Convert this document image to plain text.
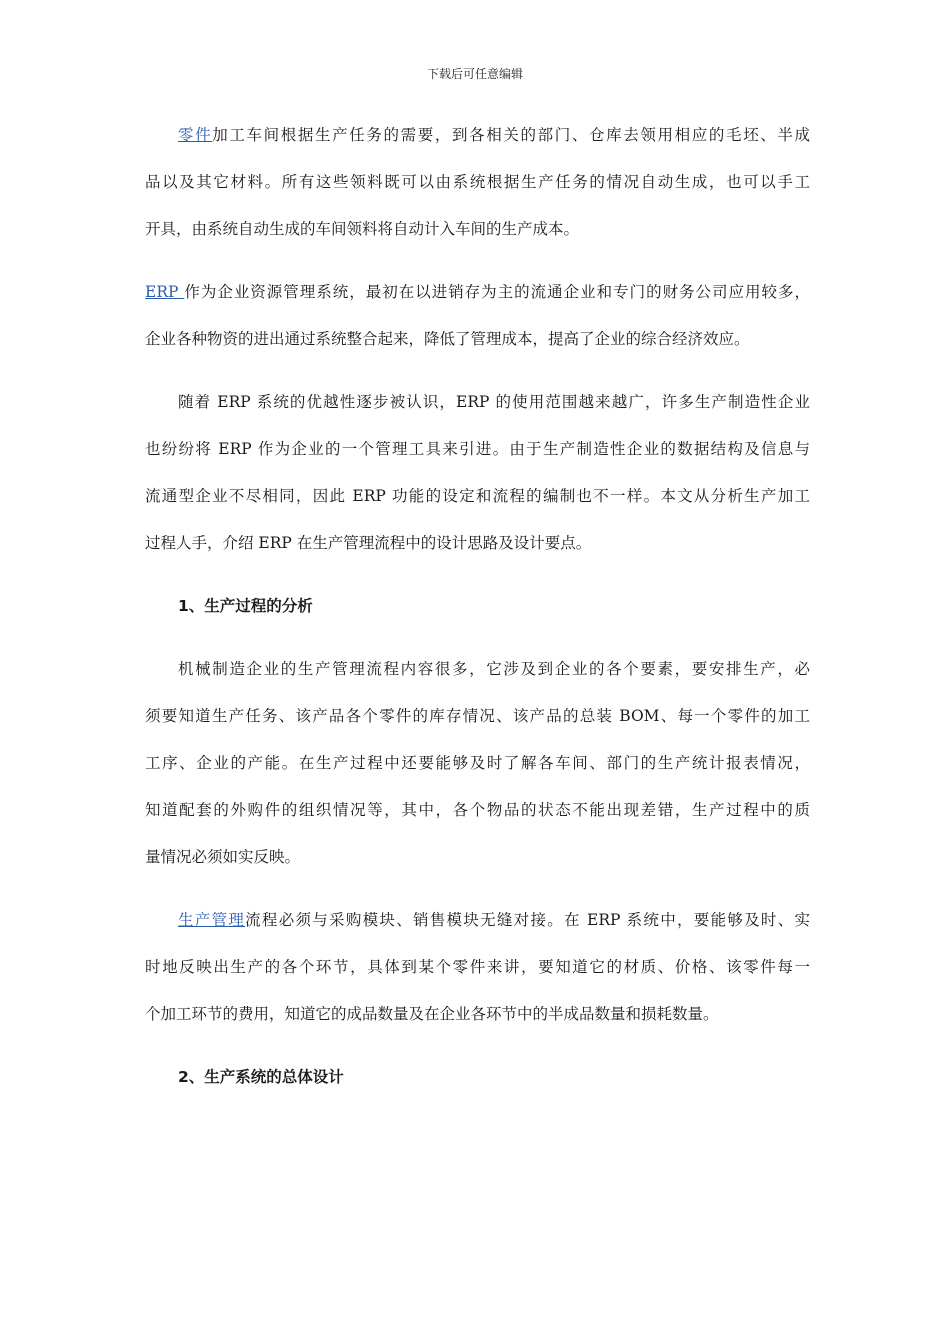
下载后可任意编辑
零件加工车间根据生产任务的需要，到各相关的部门、仓库去领用相应的毛坯、半成
品以及其它材料。所有这些领料既可以由系统根据生产任务的情况自动生成，也可以手工
开具，由系统自动生成的车间领料将自动计入车间的生产成本。
ERP 作为企业资源管理系统，最初在以进销存为主的流通企业和专门的财务公司应用较多，
企业各种物资的进出通过系统整合起来，降低了管理成本，提高了企业的综合经济效应。
随着 ERP 系统的优越性逐步被认识，ERP 的使用范围越来越广，许多生产制造性企业
也纷纷将 ERP 作为企业的一个管理工具来引进。由于生产制造性企业的数据结构及信息与
流通型企业不尽相同，因此 ERP 功能的设定和流程的编制也不一样。本文从分析生产加工
过程人手，介绍 ERP 在生产管理流程中的设计思路及设计要点。
1、生产过程的分析
机械制造企业的生产管理流程内容很多，它涉及到企业的各个要素，要安排生产，必
须要知道生产任务、该产品各个零件的库存情况、该产品的总装 BOM、每一个零件的加工
工序、企业的产能。在生产过程中还要能够及时了解各车间、部门的生产统计报表情况，
知道配套的外购件的组织情况等，其中，各个物品的状态不能出现差错，生产过程中的质
量情况必须如实反映。
生产管理流程必须与采购模块、销售模块无缝对接。在 ERP 系统中，要能够及时、实
时地反映出生产的各个环节，具体到某个零件来讲，要知道它的材质、价格、该零件每一
个加工环节的费用，知道它的成品数量及在企业各环节中的半成品数量和损耗数量。
2、生产系统的总体设计
